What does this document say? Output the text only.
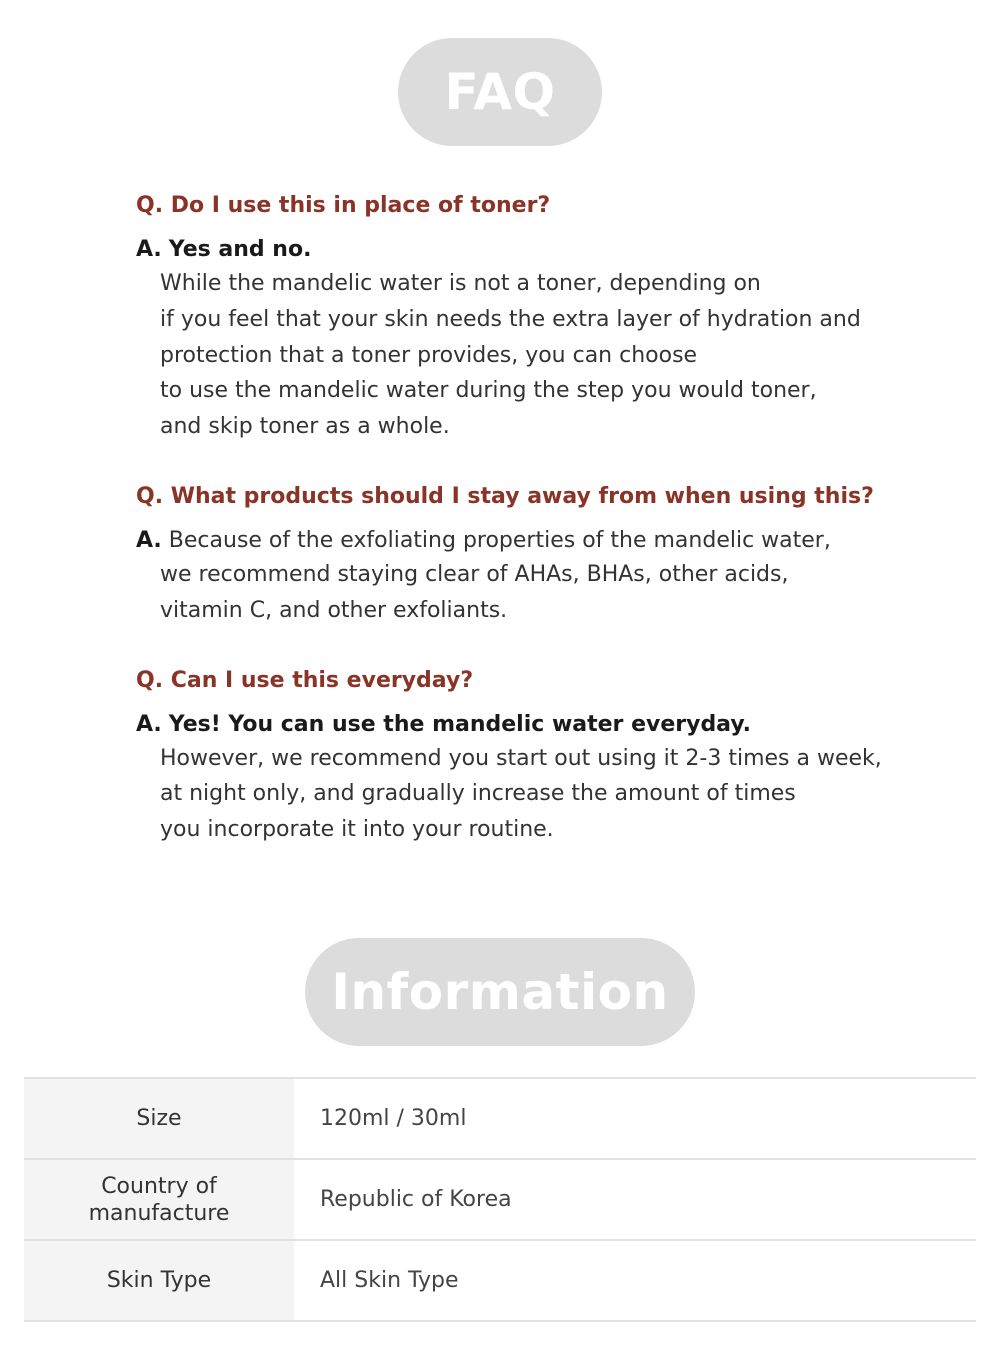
FAQ

Q. Do I use this in place of toner?

A. Yes and no.

While the mandelic water is not a toner, depending on
if you feel that your skin needs the extra layer of hydration and
protection that a toner provides, you can choose
to use the mandelic water during the step you would toner,
and skip toner as a whole.

Q. What products should I stay away from when using this?

A. Because of the exfoliating properties of the mandelic water,

we recommend staying clear of AHAs, BHAs, other acids,
vitamin C, and other exfoliants.

Q. Can I use this everyday?

A. Yes! You can use the mandelic water everyday.

However, we recommend you start out using it 2-3 times a week,
at night only, and gradually increase the amount of times
you incorporate it into your routine.

Information
Size	120ml / 30ml
Country of manufacture	Republic of Korea
Skin Type	All Skin Type
